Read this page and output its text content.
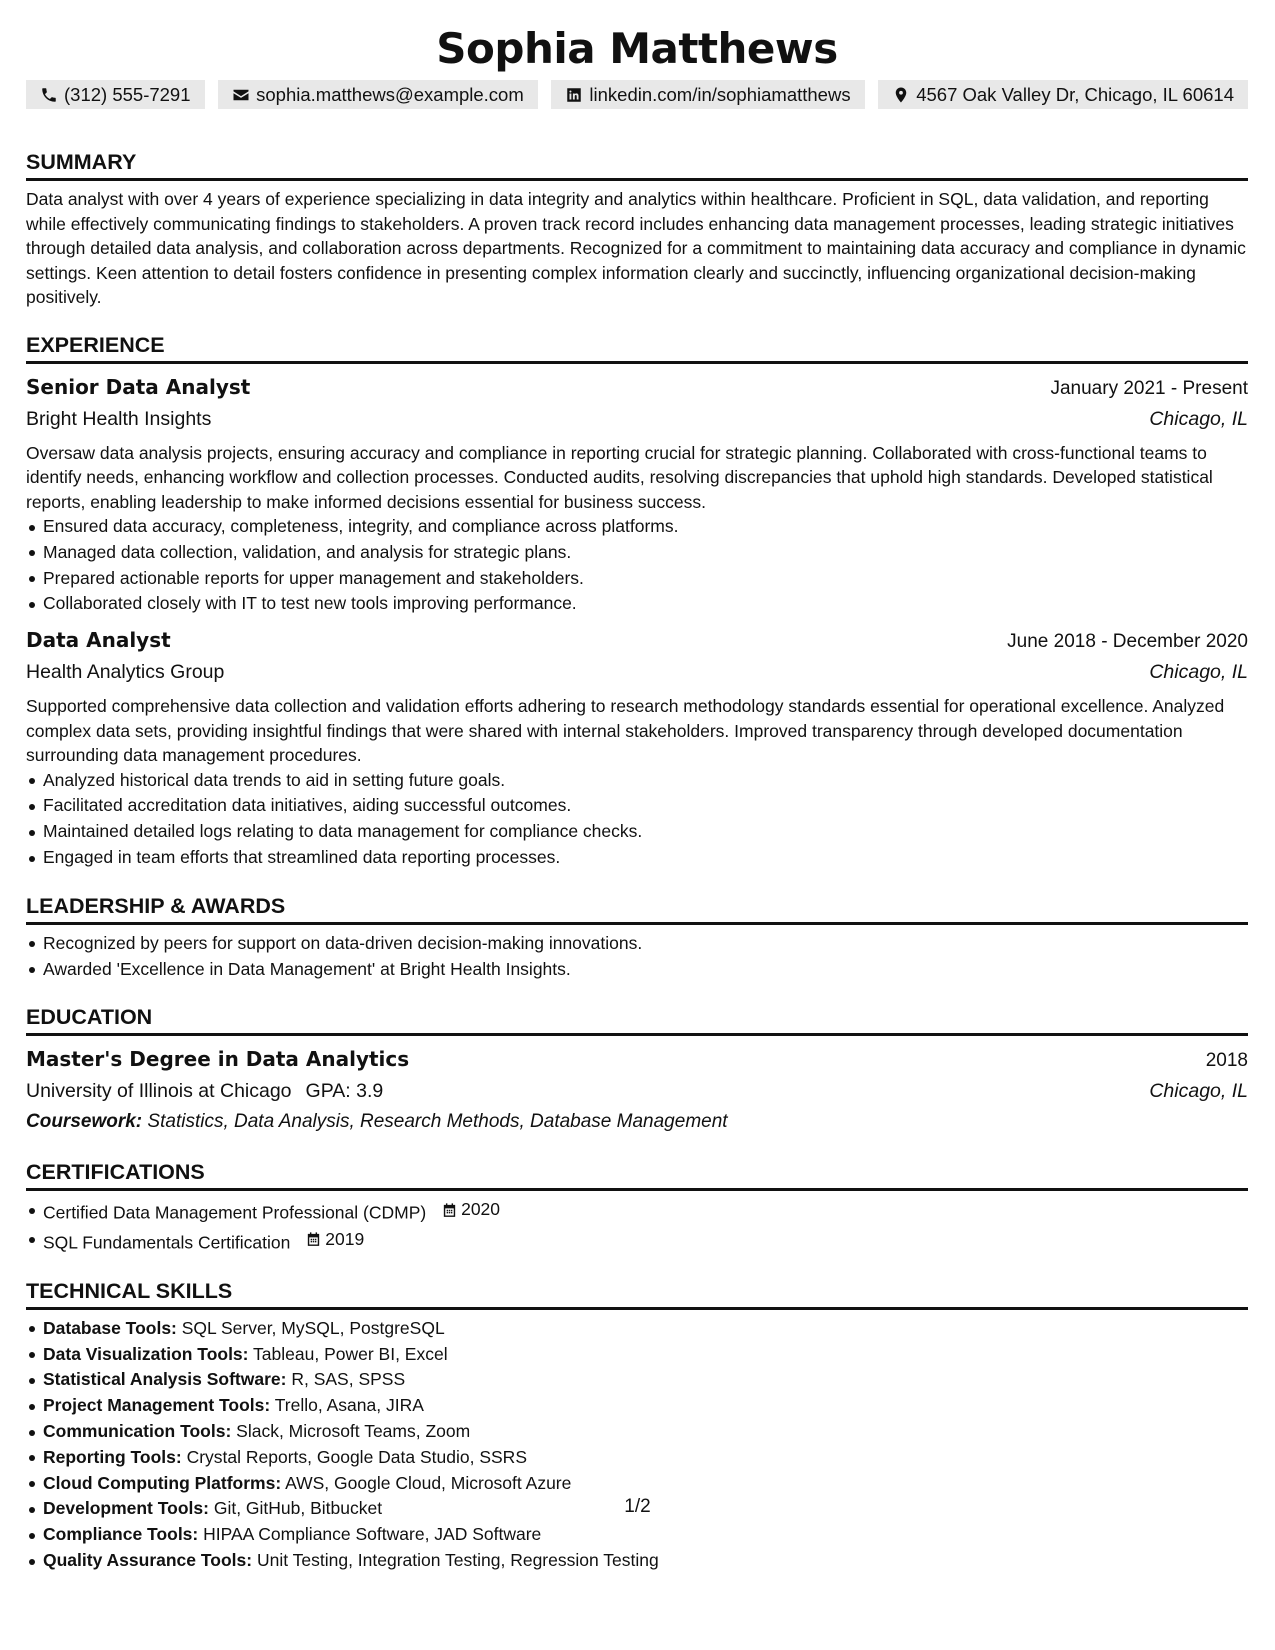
Sophia Matthews
(312) 555-7291	sophia.matthews@example.com	linkedin.com/in/sophiamatthews	4567 Oak Valley Dr, Chicago, IL 60614
SUMMARY

Data analyst with over 4 years of experience specializing in data integrity and analytics within healthcare. Proficient in SQL, data validation, and reporting while effectively communicating findings to stakeholders. A proven track record includes enhancing data management processes, leading strategic initiatives through detailed data analysis, and collaboration across departments. Recognized for a commitment to maintaining data accuracy and compliance in dynamic settings. Keen attention to detail fosters confidence in presenting complex information clearly and succinctly, influencing organizational decision-making positively.

EXPERIENCE
Senior Data Analyst	January 2021 - Present
Bright Health Insights	Chicago, IL

Oversaw data analysis projects, ensuring accuracy and compliance in reporting crucial for strategic planning. Collaborated with cross-functional teams to identify needs, enhancing workflow and collection processes. Conducted audits, resolving discrepancies that uphold high standards. Developed statistical reports, enabling leadership to make informed decisions essential for business success.

Ensured data accuracy, completeness, integrity, and compliance across platforms.
Managed data collection, validation, and analysis for strategic plans.
Prepared actionable reports for upper management and stakeholders.
Collaborated closely with IT to test new tools improving performance.
Data Analyst	June 2018 - December 2020
Health Analytics Group	Chicago, IL

Supported comprehensive data collection and validation efforts adhering to research methodology standards essential for operational excellence. Analyzed complex data sets, providing insightful findings that were shared with internal stakeholders. Improved transparency through developed documentation surrounding data management procedures.

Analyzed historical data trends to aid in setting future goals.
Facilitated accreditation data initiatives, aiding successful outcomes.
Maintained detailed logs relating to data management for compliance checks.
Engaged in team efforts that streamlined data reporting processes.
LEADERSHIP & AWARDS
Recognized by peers for support on data-driven decision-making innovations.
Awarded 'Excellence in Data Management' at Bright Health Insights.
EDUCATION
Master's Degree in Data Analytics	2018
University of Illinois at Chicago GPA: 3.9	Chicago, IL
Coursework: Statistics, Data Analysis, Research Methods, Database Management
CERTIFICATIONS
Certified Data Management Professional (CDMP) 2020
SQL Fundamentals Certification 2019
TECHNICAL SKILLS
Database Tools: SQL Server, MySQL, PostgreSQL
Data Visualization Tools: Tableau, Power BI, Excel
Statistical Analysis Software: R, SAS, SPSS
Project Management Tools: Trello, Asana, JIRA
Communication Tools: Slack, Microsoft Teams, Zoom
Reporting Tools: Crystal Reports, Google Data Studio, SSRS
Cloud Computing Platforms: AWS, Google Cloud, Microsoft Azure
Development Tools: Git, GitHub, Bitbucket
Compliance Tools: HIPAA Compliance Software, JAD Software
Quality Assurance Tools: Unit Testing, Integration Testing, Regression Testing
1/2
